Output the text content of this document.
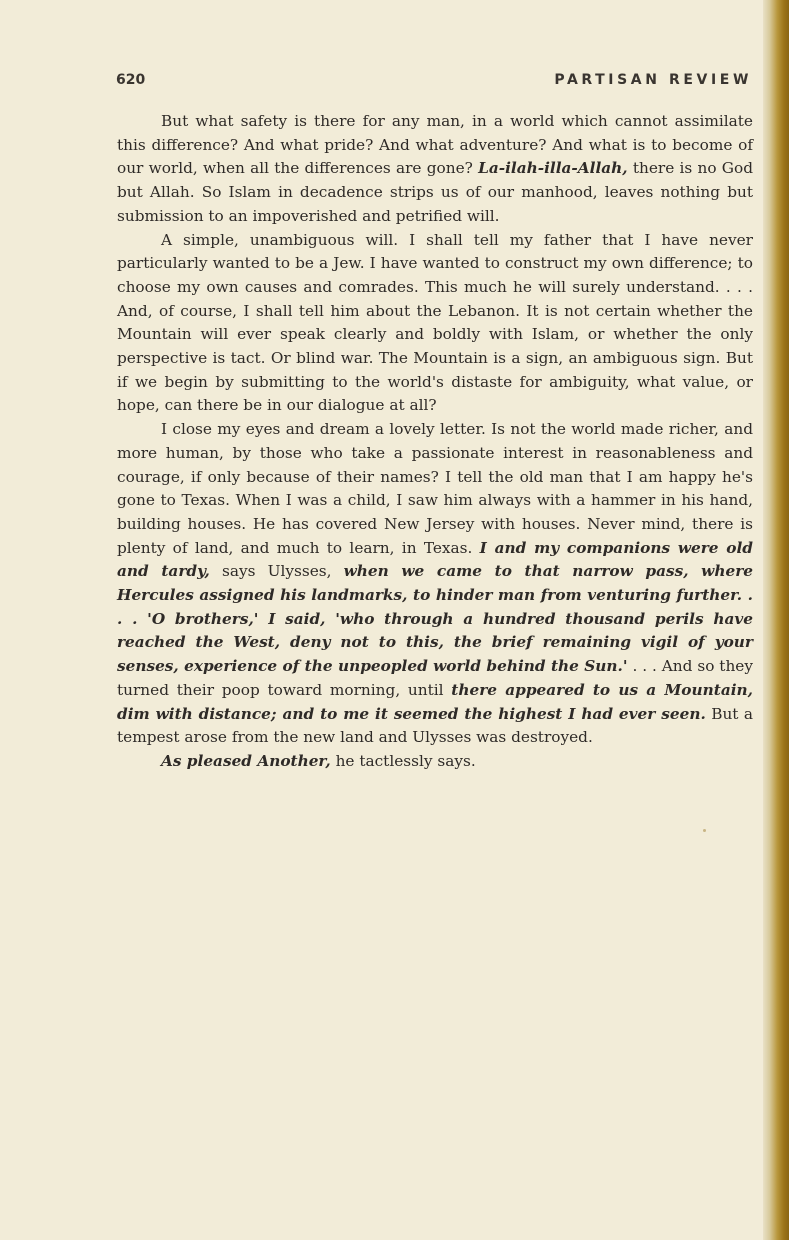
620	PARTISAN REVIEW

But what safety is there for any man, in a world which cannot assimilate this difference? And what pride? And what adventure? And what is to become of our world, when all the differences are gone? La-ilah-illa-Allah, there is no God but Allah. So Islam in decadence strips us of our manhood, leaves nothing but submission to an impoverished and petrified will.

A simple, unambiguous will. I shall tell my father that I have never particularly wanted to be a Jew. I have wanted to construct my own difference; to choose my own causes and comrades. This much he will surely understand. . . . And, of course, I shall tell him about the Lebanon. It is not certain whether the Mountain will ever speak clearly and boldly with Islam, or whether the only perspective is tact. Or blind war. The Mountain is a sign, an ambiguous sign. But if we begin by submitting to the world's distaste for ambiguity, what value, or hope, can there be in our dialogue at all?

I close my eyes and dream a lovely letter. Is not the world made richer, and more human, by those who take a passionate interest in reasonableness and courage, if only because of their names? I tell the old man that I am happy he's gone to Texas. When I was a child, I saw him always with a hammer in his hand, building houses. He has covered New Jersey with houses. Never mind, there is plenty of land, and much to learn, in Texas. I and my companions were old and tardy, says Ulysses, when we came to that narrow pass, where Hercules assigned his landmarks, to hinder man from venturing further. . . . 'O brothers,' I said, 'who through a hundred thousand perils have reached the West, deny not to this, the brief remaining vigil of your senses, experience of the unpeopled world behind the Sun.' . . . And so they turned their poop toward morning, until there appeared to us a Mountain, dim with distance; and to me it seemed the highest I had ever seen. But a tempest arose from the new land and Ulysses was destroyed.

As pleased Another, he tactlessly says.
